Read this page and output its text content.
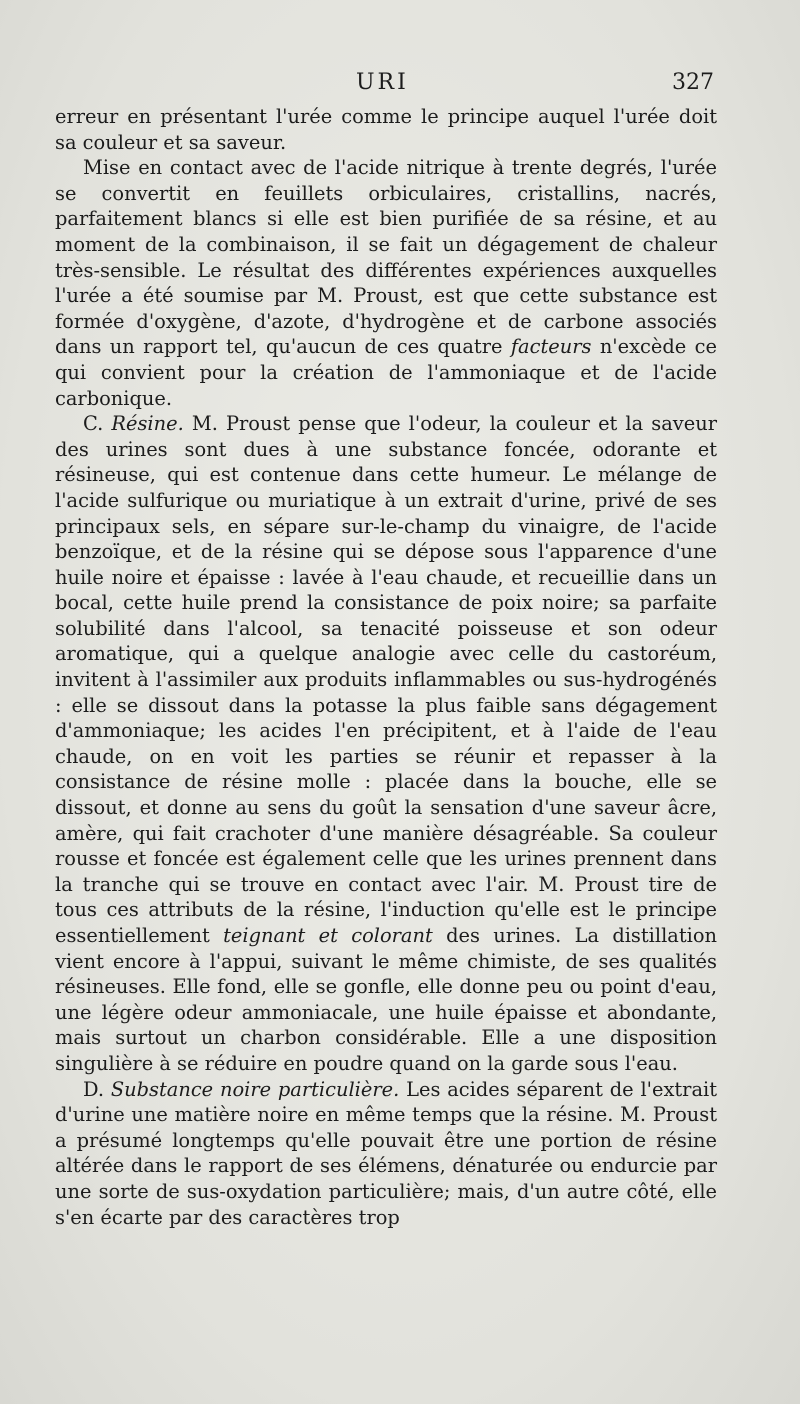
URI	327

erreur en présentant l'urée comme le principe auquel l'urée doit sa couleur et sa saveur.

Mise en contact avec de l'acide nitrique à trente degrés, l'urée se convertit en feuillets orbiculaires, cristallins, nacrés, parfaitement blancs si elle est bien purifiée de sa résine, et au moment de la combinaison, il se fait un dégagement de chaleur très-sensible. Le résultat des différentes expériences auxquelles l'urée a été soumise par M. Proust, est que cette substance est formée d'oxygène, d'azote, d'hydrogène et de carbone associés dans un rapport tel, qu'aucun de ces quatre facteurs n'excède ce qui convient pour la création de l'ammoniaque et de l'acide carbonique.

C. Résine. M. Proust pense que l'odeur, la couleur et la saveur des urines sont dues à une substance foncée, odorante et résineuse, qui est contenue dans cette humeur. Le mélange de l'acide sulfurique ou muriatique à un extrait d'urine, privé de ses principaux sels, en sépare sur-le-champ du vinaigre, de l'acide benzoïque, et de la résine qui se dépose sous l'apparence d'une huile noire et épaisse : lavée à l'eau chaude, et recueillie dans un bocal, cette huile prend la consistance de poix noire; sa parfaite solubilité dans l'alcool, sa tenacité poisseuse et son odeur aromatique, qui a quelque analogie avec celle du castoréum, invitent à l'assimiler aux produits inflammables ou sus-hydrogénés : elle se dissout dans la potasse la plus faible sans dégagement d'ammoniaque; les acides l'en précipitent, et à l'aide de l'eau chaude, on en voit les parties se réunir et repasser à la consistance de résine molle : placée dans la bouche, elle se dissout, et donne au sens du goût la sensation d'une saveur âcre, amère, qui fait crachoter d'une manière désagréable. Sa couleur rousse et foncée est également celle que les urines prennent dans la tranche qui se trouve en contact avec l'air. M. Proust tire de tous ces attributs de la résine, l'induction qu'elle est le principe essentiellement teignant et colorant des urines. La distillation vient encore à l'appui, suivant le même chimiste, de ses qualités résineuses. Elle fond, elle se gonfle, elle donne peu ou point d'eau, une légère odeur ammoniacale, une huile épaisse et abondante, mais surtout un charbon considérable. Elle a une disposition singulière à se réduire en poudre quand on la garde sous l'eau.

D. Substance noire particulière. Les acides séparent de l'extrait d'urine une matière noire en même temps que la résine. M. Proust a présumé longtemps qu'elle pouvait être une portion de résine altérée dans le rapport de ses élémens, dénaturée ou endurcie par une sorte de sus-oxydation particulière; mais, d'un autre côté, elle s'en écarte par des caractères trop
